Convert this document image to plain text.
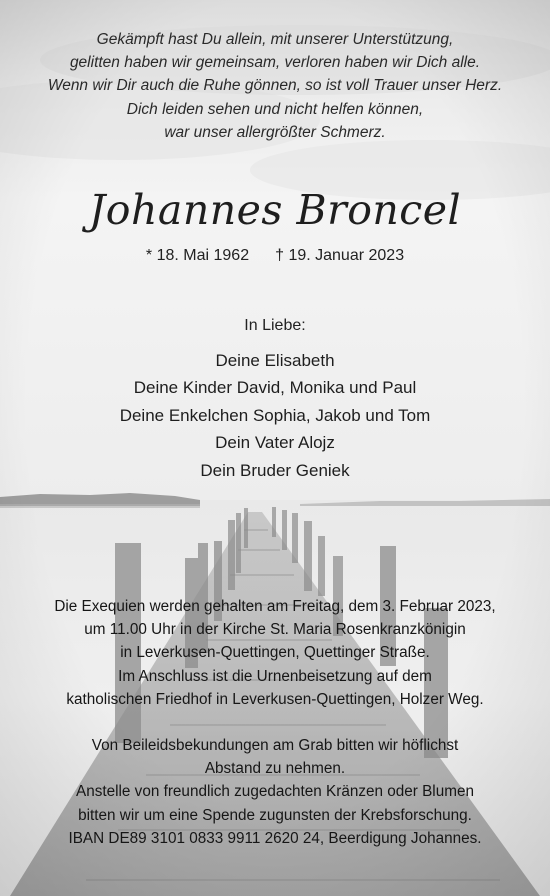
Gekämpft hast Du allein, mit unserer Unterstützung,
gelitten haben wir gemeinsam, verloren haben wir Dich alle.
Wenn wir Dir auch die Ruhe gönnen, so ist voll Trauer unser Herz.
Dich leiden sehen und nicht helfen können,
war unser allergrößter Schmerz.
Johannes Broncel
* 18. Mai 1962 † 19. Januar 2023
In Liebe:
Deine Elisabeth
Deine Kinder David, Monika und Paul
Deine Enkelchen Sophia, Jakob und Tom
Dein Vater Alojz
Dein Bruder Geniek
Die Exequien werden gehalten am Freitag, dem 3. Februar 2023,
um 11.00 Uhr in der Kirche St. Maria Rosenkranzkönigin
in Leverkusen-Quettingen, Quettinger Straße.
Im Anschluss ist die Urnenbeisetzung auf dem
katholischen Friedhof in Leverkusen-Quettingen, Holzer Weg.
Von Beileidsbekundungen am Grab bitten wir höflichst
Abstand zu nehmen.
Anstelle von freundlich zugedachten Kränzen oder Blumen
bitten wir um eine Spende zugunsten der Krebsforschung.
IBAN DE89 3101 0833 9911 2620 24, Beerdigung Johannes.
